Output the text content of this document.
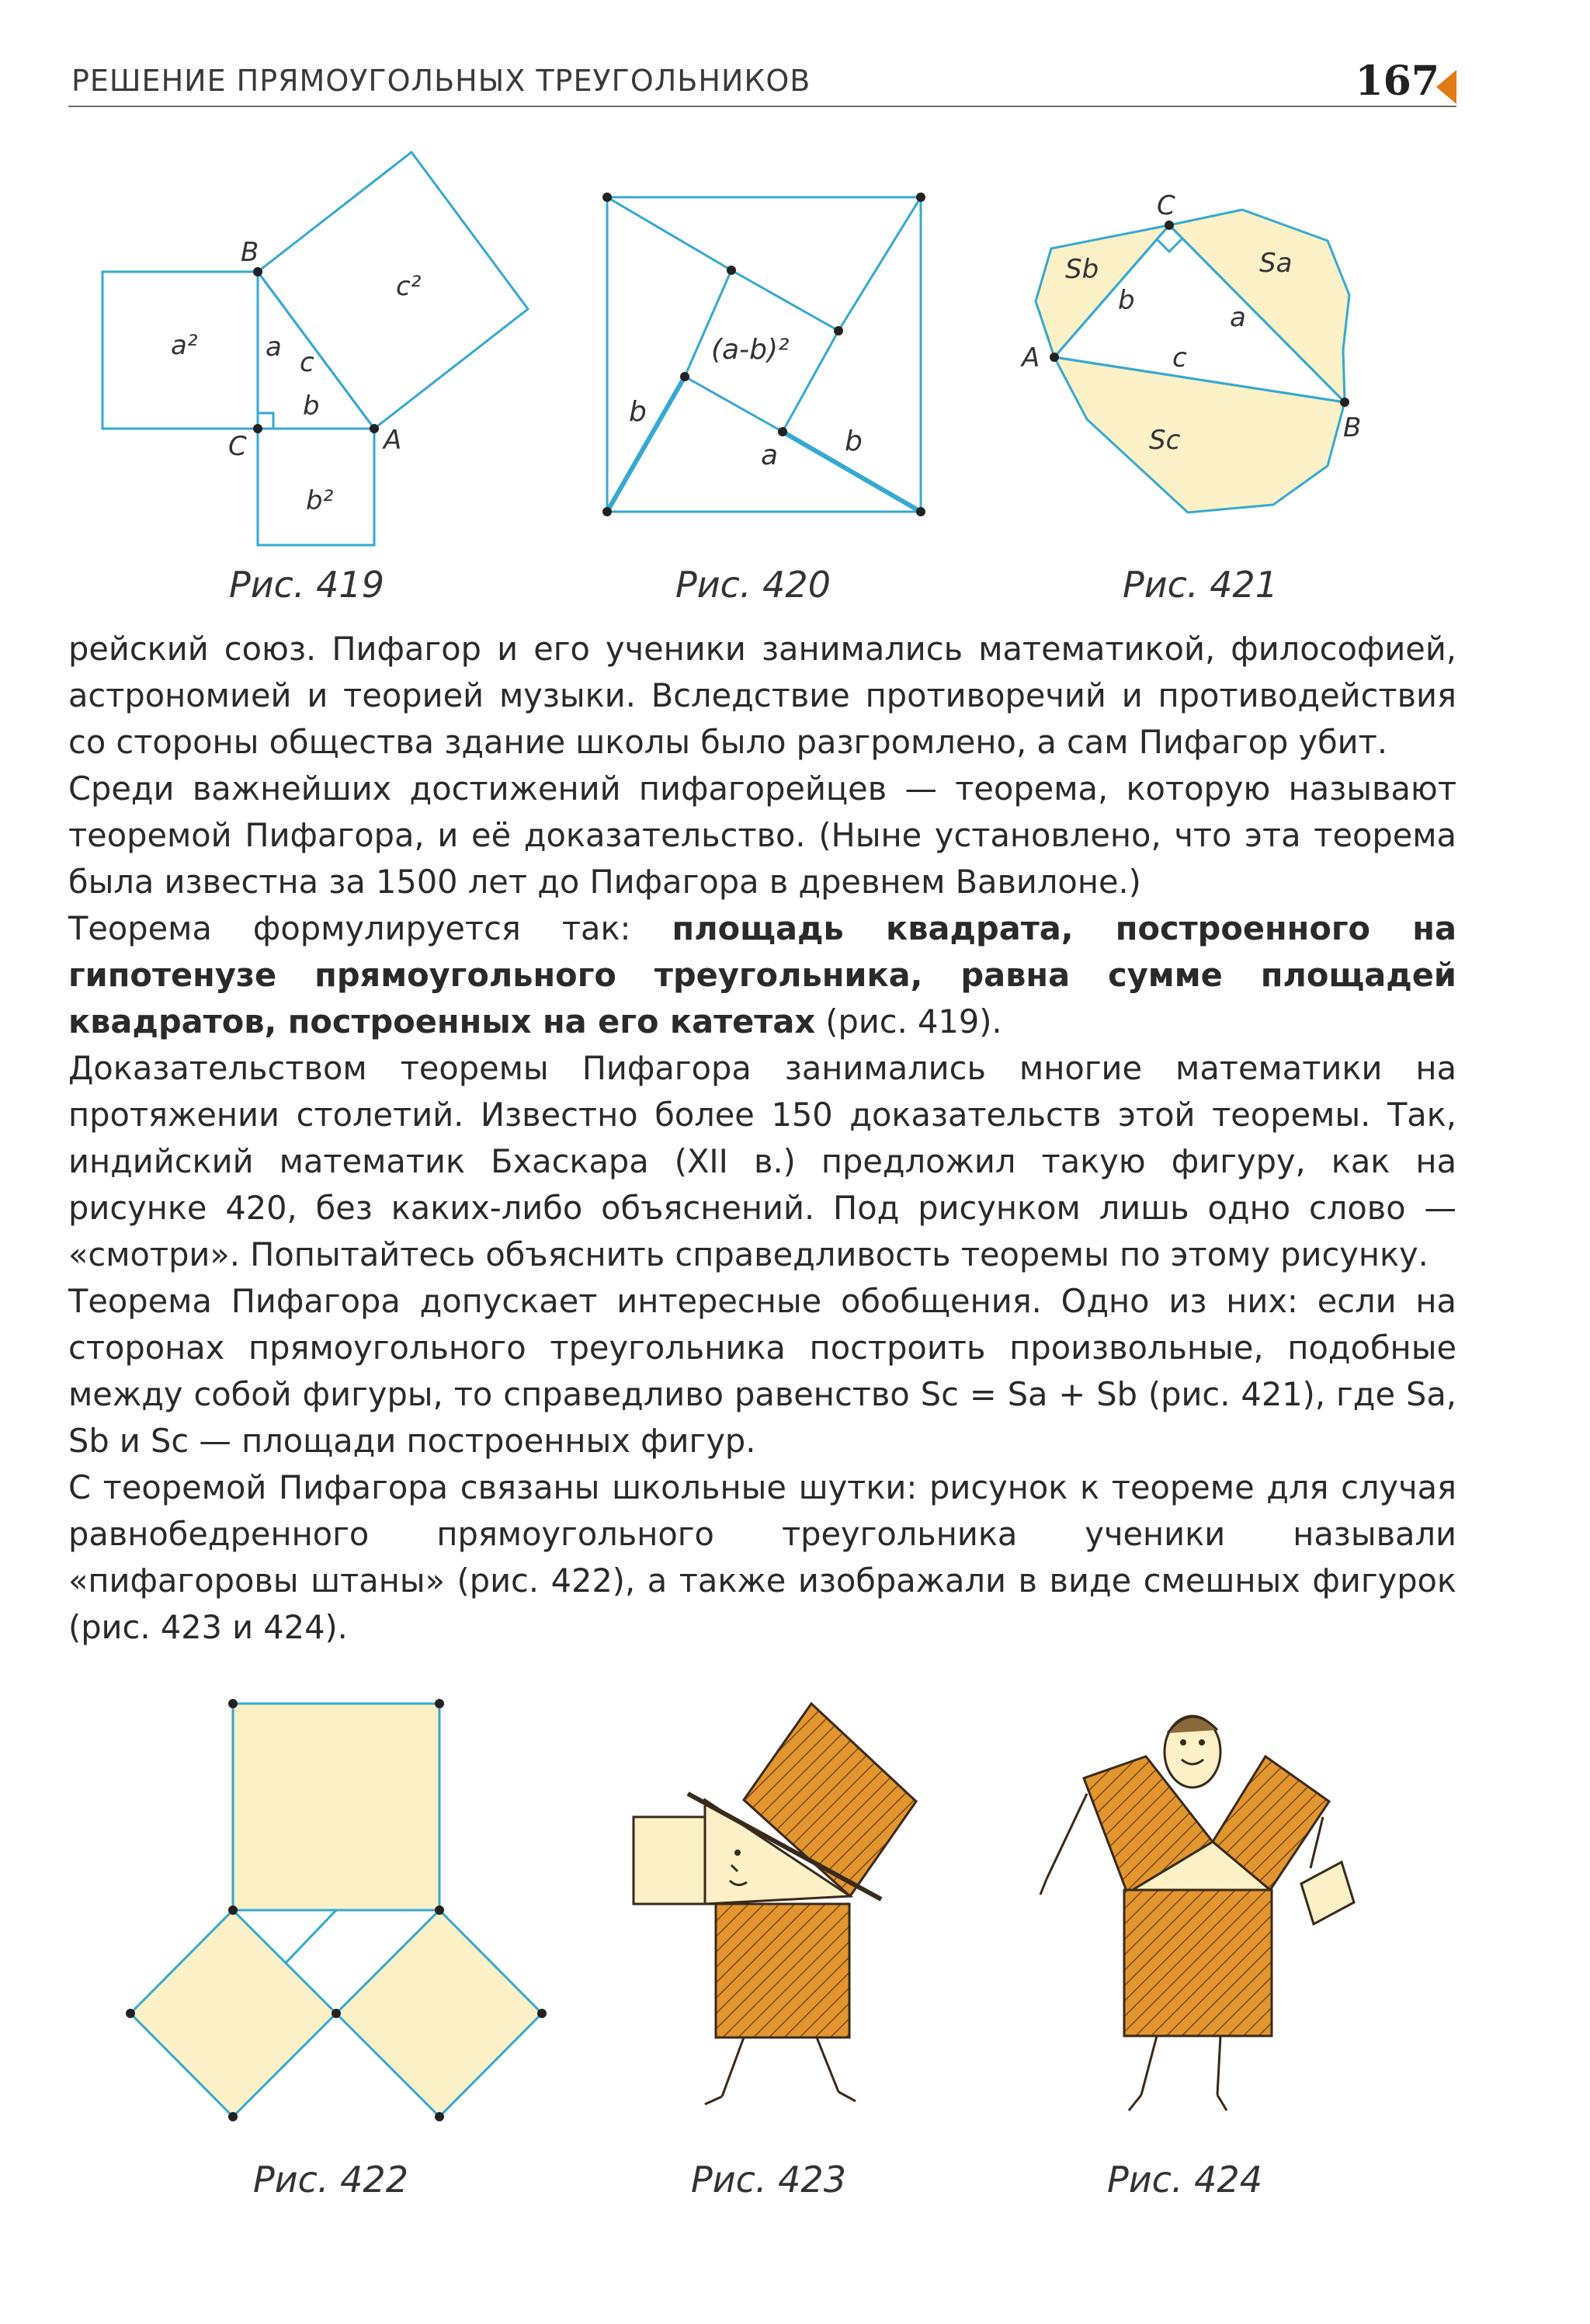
РЕШЕНИЕ ПРЯМОУГОЛЬНЫХ ТРЕУГОЛЬНИКОВ	167
B
C	A
a²
b²
c²
a c
b
Рис. 419
(a-b)²
b
a b
Рис. 420
C
A
B
Sb	Sa
Sc
b
a
c
Рис. 421

рейский союз. Пифагор и его ученики занимались математикой, философией, астрономией и теорией музыки. Вследствие противоречий и противодействия со стороны общества здание школы было разгромлено, а сам Пифагор убит.

Среди важнейших достижений пифагорейцев — теорема, которую называют теоремой Пифагора, и её доказательство. (Ныне установлено, что эта теорема была известна за 1500 лет до Пифагора в древнем Вавилоне.)

Теорема формулируется так: площадь квадрата, построенного на гипотенузе прямоугольного треугольника, равна сумме площадей квадратов, построенных на его катетах (рис. 419).

Доказательством теоремы Пифагора занимались многие математики на протяжении столетий. Известно более 150 доказательств этой теоремы. Так, индийский математик Бхаскара (XII в.) предложил такую фигуру, как на рисунке 420, без каких-либо объяснений. Под рисунком лишь одно слово — «смотри». Попытайтесь объяснить справедливость теоремы по этому рисунку.

Теорема Пифагора допускает интересные обобщения. Одно из них: если на сторонах прямоугольного треугольника построить произвольные, подобные между собой фигуры, то справедливо равенство Sc = Sa + Sb (рис. 421), где Sa, Sb и Sc — площади построенных фигур.

С теоремой Пифагора связаны школьные шутки: рисунок к теореме для случая равнобедренного прямоугольного треугольника ученики называли «пифагоровы штаны» (рис. 422), а также изображали в виде смешных фигурок (рис. 423 и 424).

Рис. 422	Рис. 423	Рис. 424
